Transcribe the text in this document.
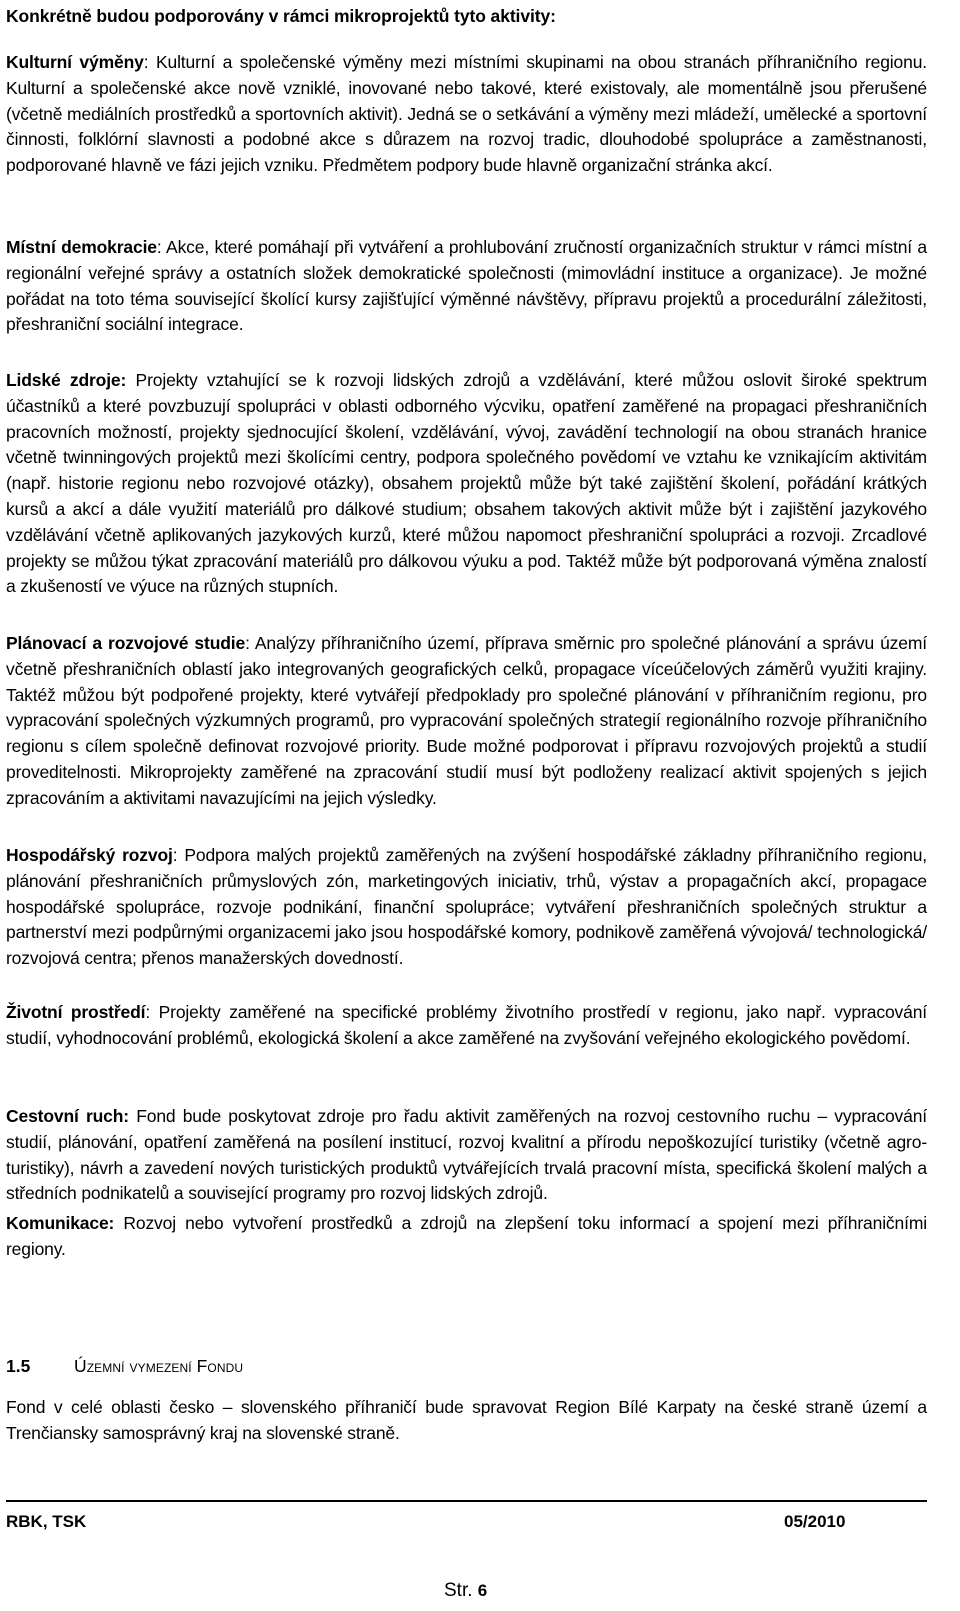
Konkrétně budou podporovány v rámci mikroprojektů tyto aktivity:
Kulturní výměny: Kulturní a společenské výměny mezi místními skupinami na obou stranách příhraničního regionu. Kulturní a společenské akce nově vzniklé, inovované nebo takové, které existovaly, ale momentálně jsou přerušené (včetně mediálních prostředků a sportovních aktivit). Jedná se o setkávání a výměny mezi mládeží, umělecké a sportovní činnosti, folklórní slavnosti a podobné akce s důrazem na rozvoj tradic, dlouhodobé spolupráce a zaměstnanosti, podporované hlavně ve fázi jejich vzniku. Předmětem podpory bude hlavně organizační stránka akcí.
Místní demokracie: Akce, které pomáhají při vytváření a prohlubování zručností organizačních struktur v rámci místní a regionální veřejné správy a ostatních složek demokratické společnosti (mimovládní instituce a organizace). Je možné pořádat na toto téma související školící kursy zajišťující výměnné návštěvy, přípravu projektů a procedurální záležitosti, přeshraniční sociální integrace.
Lidské zdroje: Projekty vztahující se k rozvoji lidských zdrojů a vzdělávání, které můžou oslovit široké spektrum účastníků a které povzbuzují spolupráci v oblasti odborného výcviku, opatření zaměřené na propagaci přeshraničních pracovních možností, projekty sjednocující školení, vzdělávání, vývoj, zavádění technologií na obou stranách hranice včetně twinningových projektů mezi školícími centry, podpora společného povědomí ve vztahu ke vznikajícím aktivitám (např. historie regionu nebo rozvojové otázky), obsahem projektů může být také zajištění školení, pořádání krátkých kursů a akcí a dále využití materiálů pro dálkové studium; obsahem takových aktivit může být i zajištění jazykového vzdělávání včetně aplikovaných jazykových kurzů, které můžou napomoct přeshraniční spolupráci a rozvoji. Zrcadlové projekty se můžou týkat zpracování materiálů pro dálkovou výuku a pod. Taktéž může být podporovaná výměna znalostí a zkušeností ve výuce na různých stupních.
Plánovací a rozvojové studie: Analýzy příhraničního území, příprava směrnic pro společné plánování a správu území včetně přeshraničních oblastí jako integrovaných geografických celků, propagace víceúčelových záměrů využiti krajiny. Taktéž můžou být podpořené projekty, které vytvářejí předpoklady pro společné plánování v příhraničním regionu, pro vypracování společných výzkumných programů, pro vypracování společných strategií regionálního rozvoje příhraničního regionu s cílem společně definovat rozvojové priority. Bude možné podporovat i přípravu rozvojových projektů a studií proveditelnosti. Mikroprojekty zaměřené na zpracování studií musí být podloženy realizací aktivit spojených s jejich zpracováním a aktivitami navazujícími na jejich výsledky.
Hospodářský rozvoj: Podpora malých projektů zaměřených na zvýšení hospodářské základny příhraničního regionu, plánování přeshraničních průmyslových zón, marketingových iniciativ, trhů, výstav a propagačních akcí, propagace hospodářské spolupráce, rozvoje podnikání, finanční spolupráce; vytváření přeshraničních společných struktur a partnerství mezi podpůrnými organizacemi jako jsou hospodářské komory, podnikově zaměřená vývojová/ technologická/ rozvojová centra; přenos manažerských dovedností.
Životní prostředí: Projekty zaměřené na specifické problémy životního prostředí v regionu, jako např. vypracování studií, vyhodnocování problémů, ekologická školení a akce zaměřené na zvyšování veřejného ekologického povědomí.
Cestovní ruch: Fond bude poskytovat zdroje pro řadu aktivit zaměřených na rozvoj cestovního ruchu – vypracování studií, plánování, opatření zaměřená na posílení institucí, rozvoj kvalitní a přírodu nepoškozující turistiky (včetně agro-turistiky), návrh a zavedení nových turistických produktů vytvářejících trvalá pracovní místa, specifická školení malých a středních podnikatelů a související programy pro rozvoj lidských zdrojů.
Komunikace: Rozvoj nebo vytvoření prostředků a zdrojů na zlepšení toku informací a spojení mezi příhraničními regiony.
1.5 Územní vymezení Fondu
Fond v celé oblasti česko – slovenského příhraničí bude spravovat Region Bílé Karpaty na české straně území a Trenčiansky samosprávný kraj na slovenské straně.
RBK, TSK	05/2010
Str. 6
